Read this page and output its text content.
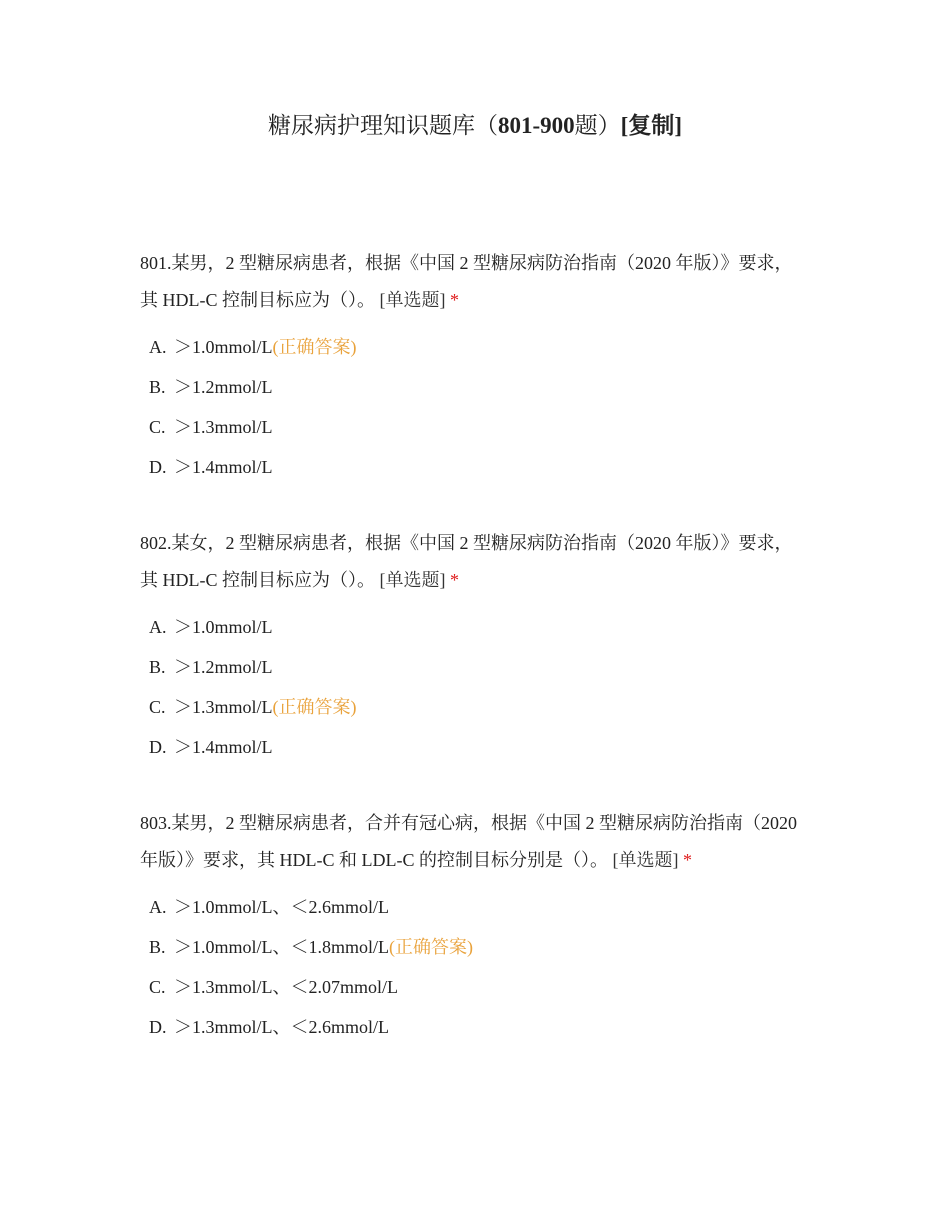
糖尿病护理知识题库（801-900题）[复制]

801.某男，2 型糖尿病患者，根据《中国 2 型糖尿病防治指南（2020 年版）》要求，其 HDL-C 控制目标应为（）。 [单选题] *

A. ＞1.0mmol/L(正确答案)
B. ＞1.2mmol/L
C. ＞1.3mmol/L
D. ＞1.4mmol/L

802.某女，2 型糖尿病患者，根据《中国 2 型糖尿病防治指南（2020 年版）》要求，其 HDL-C 控制目标应为（）。 [单选题] *

A. ＞1.0mmol/L
B. ＞1.2mmol/L
C. ＞1.3mmol/L(正确答案)
D. ＞1.4mmol/L

803.某男，2 型糖尿病患者，合并有冠心病，根据《中国 2 型糖尿病防治指南（2020 年版）》要求，其 HDL-C 和 LDL-C 的控制目标分别是（）。 [单选题] *

A. ＞1.0mmol/L、＜2.6mmol/L
B. ＞1.0mmol/L、＜1.8mmol/L(正确答案)
C. ＞1.3mmol/L、＜2.07mmol/L
D. ＞1.3mmol/L、＜2.6mmol/L
